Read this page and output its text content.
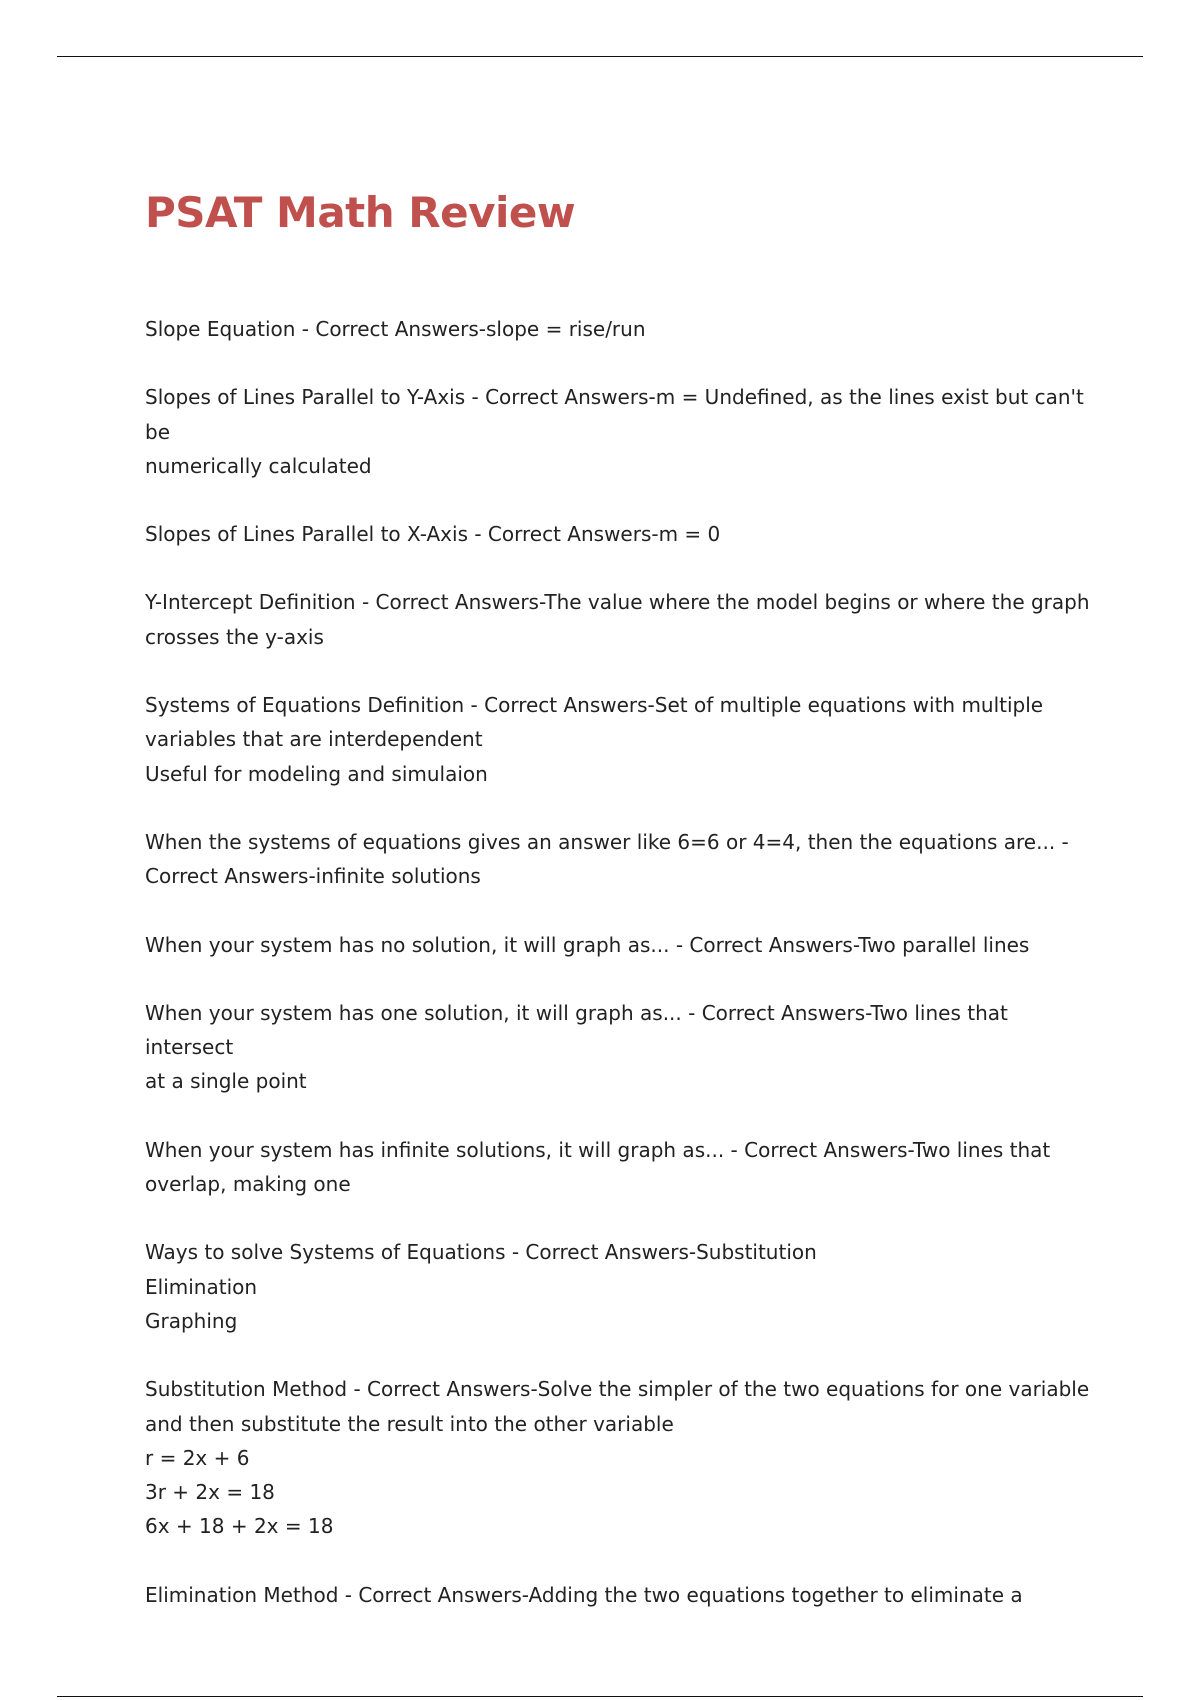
PSAT Math Review

Slope Equation - Correct Answers-slope = rise/run

Slopes of Lines Parallel to Y-Axis - Correct Answers-m = Undefined, as the lines exist but can't be
numerically calculated

Slopes of Lines Parallel to X-Axis - Correct Answers-m = 0

Y-Intercept Definition - Correct Answers-The value where the model begins or where the graph
crosses the y-axis

Systems of Equations Definition - Correct Answers-Set of multiple equations with multiple
variables that are interdependent
Useful for modeling and simulaion

When the systems of equations gives an answer like 6=6 or 4=4, then the equations are... -
Correct Answers-infinite solutions

When your system has no solution, it will graph as... - Correct Answers-Two parallel lines

When your system has one solution, it will graph as... - Correct Answers-Two lines that intersect
at a single point

When your system has infinite solutions, it will graph as... - Correct Answers-Two lines that
overlap, making one

Ways to solve Systems of Equations - Correct Answers-Substitution
Elimination
Graphing

Substitution Method - Correct Answers-Solve the simpler of the two equations for one variable
and then substitute the result into the other variable
r = 2x + 6
3r + 2x = 18
6x + 18 + 2x = 18

Elimination Method - Correct Answers-Adding the two equations together to eliminate a
